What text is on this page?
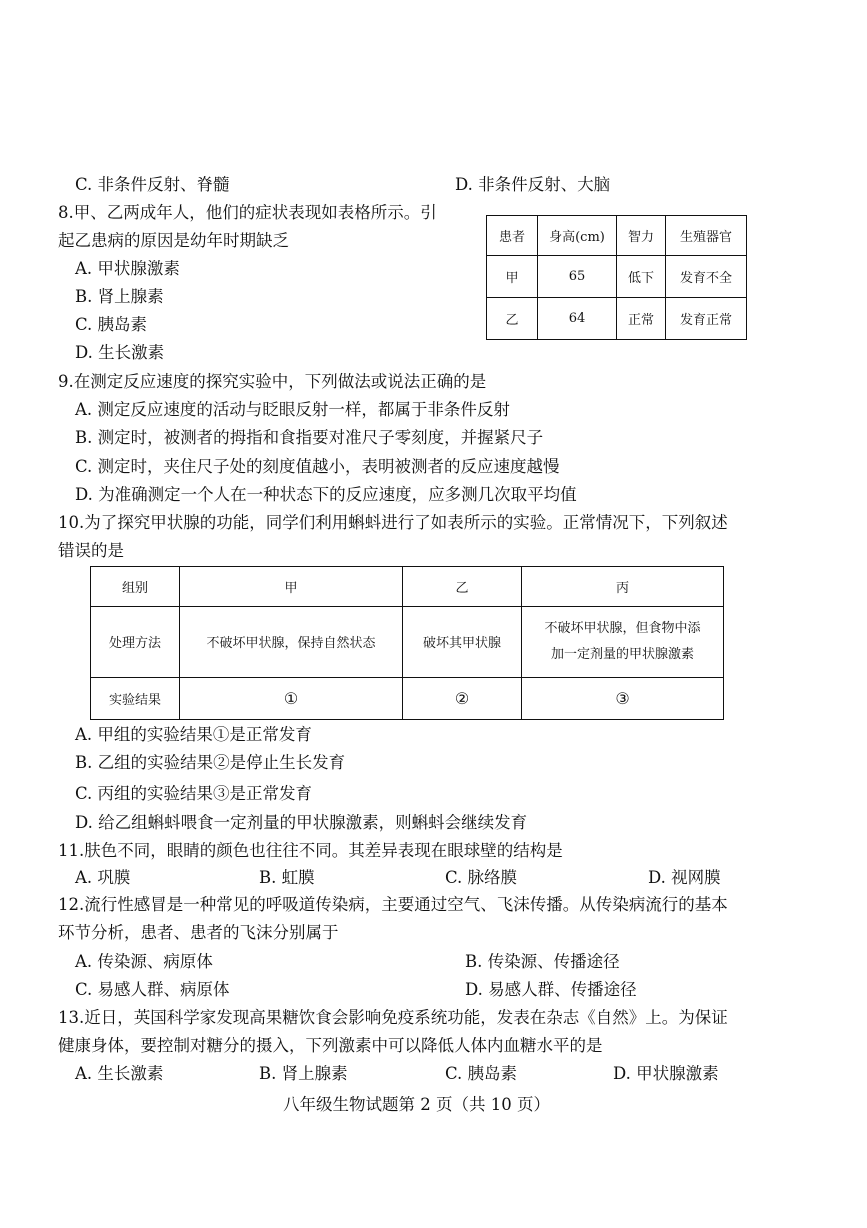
C. 非条件反射、脊髓	D. 非条件反射、大脑
8.甲、乙两成年人，他们的症状表现如表格所示。引
起乙患病的原因是幼年时期缺乏
A. 甲状腺激素
B. 肾上腺素
C. 胰岛素
D. 生长激素
患者	身高(cm)	智力	生殖器官
甲	65	低下	发育不全
乙	64	正常	发育正常
9.在测定反应速度的探究实验中，下列做法或说法正确的是
A. 测定反应速度的活动与眨眼反射一样，都属于非条件反射
B. 测定时，被测者的拇指和食指要对准尺子零刻度，并握紧尺子
C. 测定时，夹住尺子处的刻度值越小，表明被测者的反应速度越慢
D. 为准确测定一个人在一种状态下的反应速度，应多测几次取平均值
10.为了探究甲状腺的功能，同学们利用蝌蚪进行了如表所示的实验。正常情况下，下列叙述
错误的是
组别	甲	乙	丙
处理方法	不破坏甲状腺，保持自然状态	破坏其甲状腺	不破坏甲状腺，但食物中添
加一定剂量的甲状腺激素

实验结果	①	②	③
A. 甲组的实验结果①是正常发育
B. 乙组的实验结果②是停止生长发育
C. 丙组的实验结果③是正常发育
D. 给乙组蝌蚪喂食一定剂量的甲状腺激素，则蝌蚪会继续发育
11.肤色不同，眼睛的颜色也往往不同。其差异表现在眼球壁的结构是
A. 巩膜	B. 虹膜	C. 脉络膜	D. 视网膜
12.流行性感冒是一种常见的呼吸道传染病，主要通过空气、飞沫传播。从传染病流行的基本
环节分析，患者、患者的飞沫分别属于
A. 传染源、病原体	B. 传染源、传播途径
C. 易感人群、病原体	D. 易感人群、传播途径
13.近日，英国科学家发现高果糖饮食会影响免疫系统功能，发表在杂志《自然》上。为保证
健康身体，要控制对糖分的摄入，下列激素中可以降低人体内血糖水平的是
A. 生长激素	B. 肾上腺素	C. 胰岛素	D. 甲状腺激素
八年级生物试题第 2 页（共 10 页）
